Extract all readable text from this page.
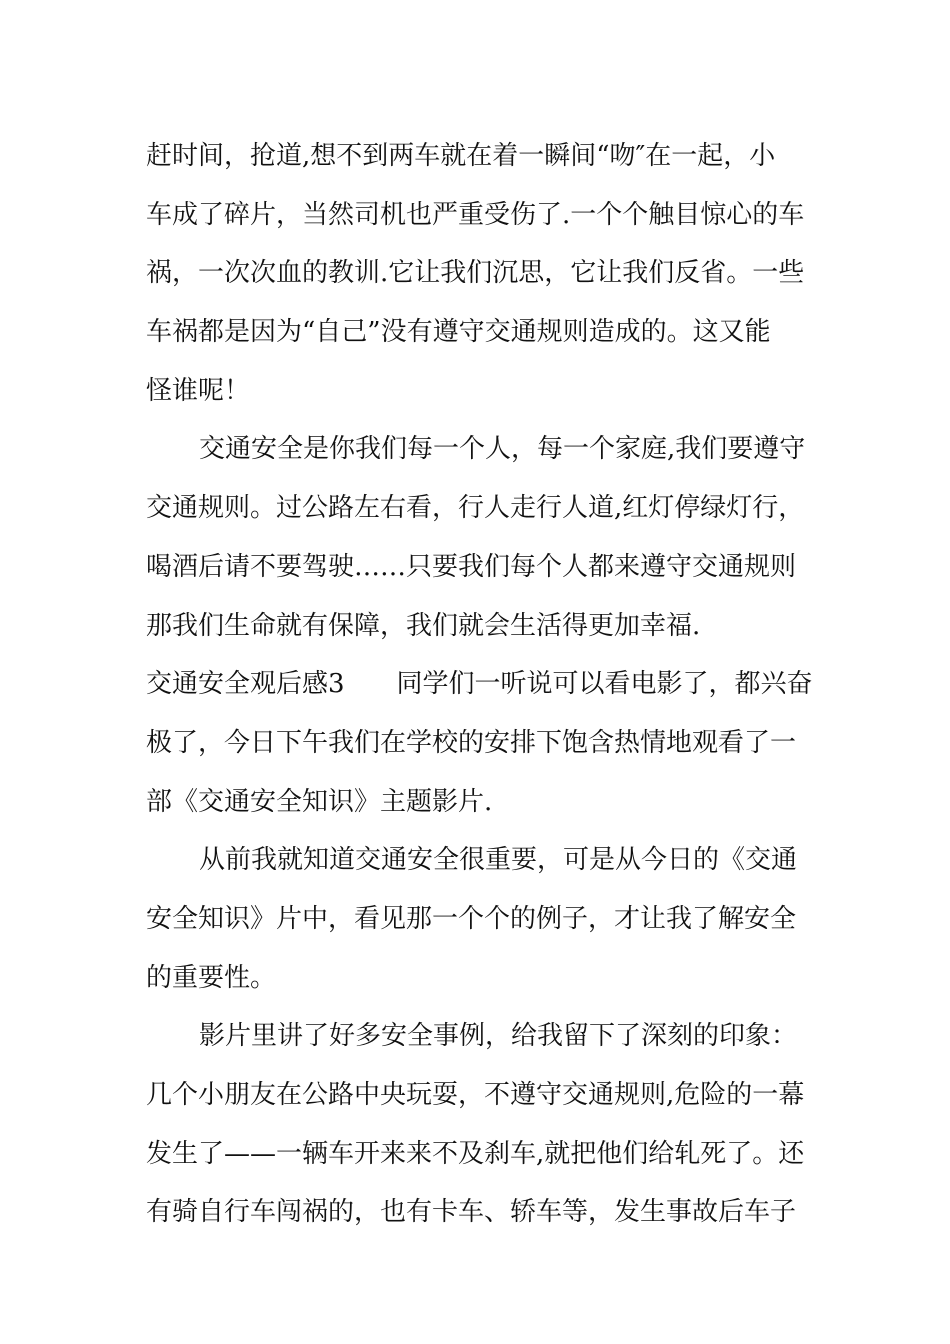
赶时间，抢道,想不到两车就在着一瞬间“吻″在一起，小
车成了碎片，当然司机也严重受伤了.一个个触目惊心的车
祸，一次次血的教训.它让我们沉思，它让我们反省。一些
车祸都是因为“自己”没有遵守交通规则造成的。这又能
怪谁呢！
交通安全是你我们每一个人，每一个家庭,我们要遵守
交通规则。过公路左右看，行人走行人道,红灯停绿灯行，
喝酒后请不要驾驶……只要我们每个人都来遵守交通规则
那我们生命就有保障，我们就会生活得更加幸福.
交通安全观后感3 同学们一听说可以看电影了，都兴奋
极了，今日下午我们在学校的安排下饱含热情地观看了一
部《交通安全知识》主题影片.
从前我就知道交通安全很重要，可是从今日的《交通
安全知识》片中，看见那一个个的例子，才让我了解安全
的重要性。
影片里讲了好多安全事例，给我留下了深刻的印象：
几个小朋友在公路中央玩耍，不遵守交通规则,危险的一幕
发生了——一辆车开来来不及刹车,就把他们给轧死了。还
有骑自行车闯祸的，也有卡车、轿车等，发生事故后车子
